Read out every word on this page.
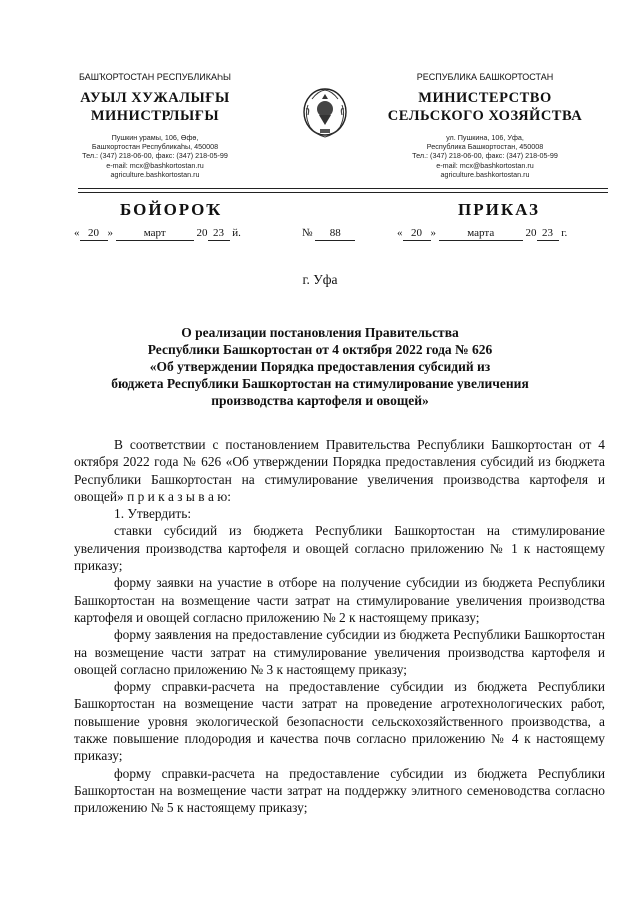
БАШҠОРТОСТАН РЕСПУБЛИКАҺЫ
АУЫЛ ХУЖАЛЫҒЫ
МИНИСТРЛЫҒЫ
Пушкин урамы, 106, Өфө,
Башҡортостан Республикаһы, 450008
Тел.: (347) 218-06-00, факс: (347) 218-05-99
e-mail: mcx@bashkortostan.ru
agriculture.bashkortostan.ru
РЕСПУБЛИКА БАШКОРТОСТАН
МИНИСТЕРСТВО
СЕЛЬСКОГО ХОЗЯЙСТВА
ул. Пушкина, 106, Уфа,
Республика Башкортостан, 450008
Тел.: (347) 218-06-00, факс: (347) 218-05-99
e-mail: mcx@bashkortostan.ru
agriculture.bashkortostan.ru
БОЙОРОҠ	ПРИКАЗ
« 20 »	март	20 23 й.	№ 88	« 20 »	марта	20 23 г.
г. Уфа
О реализации постановления Правительства
Республики Башкортостан от 4 октября 2022 года № 626
«Об утверждении Порядка предоставления субсидий из
бюджета Республики Башкортостан на стимулирование увеличения
производства картофеля и овощей»

В соответствии с постановлением Правительства Республики Башкортостан от 4 октября 2022 года № 626 «Об утверждении Порядка предоставления субсидий из бюджета Республики Башкортостан на стимулирование увеличения производства картофеля и овощей» п р и к а з ы в а ю:

1. Утвердить:

ставки субсидий из бюджета Республики Башкортостан на стимулирование увеличения производства картофеля и овощей согласно приложению № 1 к настоящему приказу;

форму заявки на участие в отборе на получение субсидии из бюджета Республики Башкортостан на возмещение части затрат на стимулирование увеличения производства картофеля и овощей согласно приложению № 2 к настоящему приказу;

форму заявления на предоставление субсидии из бюджета Республики Башкортостан на возмещение части затрат на стимулирование увеличения производства картофеля и овощей согласно приложению № 3 к настоящему приказу;

форму справки-расчета на предоставление субсидии из бюджета Республики Башкортостан на возмещение части затрат на проведение агротехнологических работ, повышение уровня экологической безопасности сельскохозяйственного производства, а также повышение плодородия и качества почв согласно приложению № 4 к настоящему приказу;

форму справки-расчета на предоставление субсидии из бюджета Республики Башкортостан на возмещение части затрат на поддержку элитного семеноводства согласно приложению № 5 к настоящему приказу;
